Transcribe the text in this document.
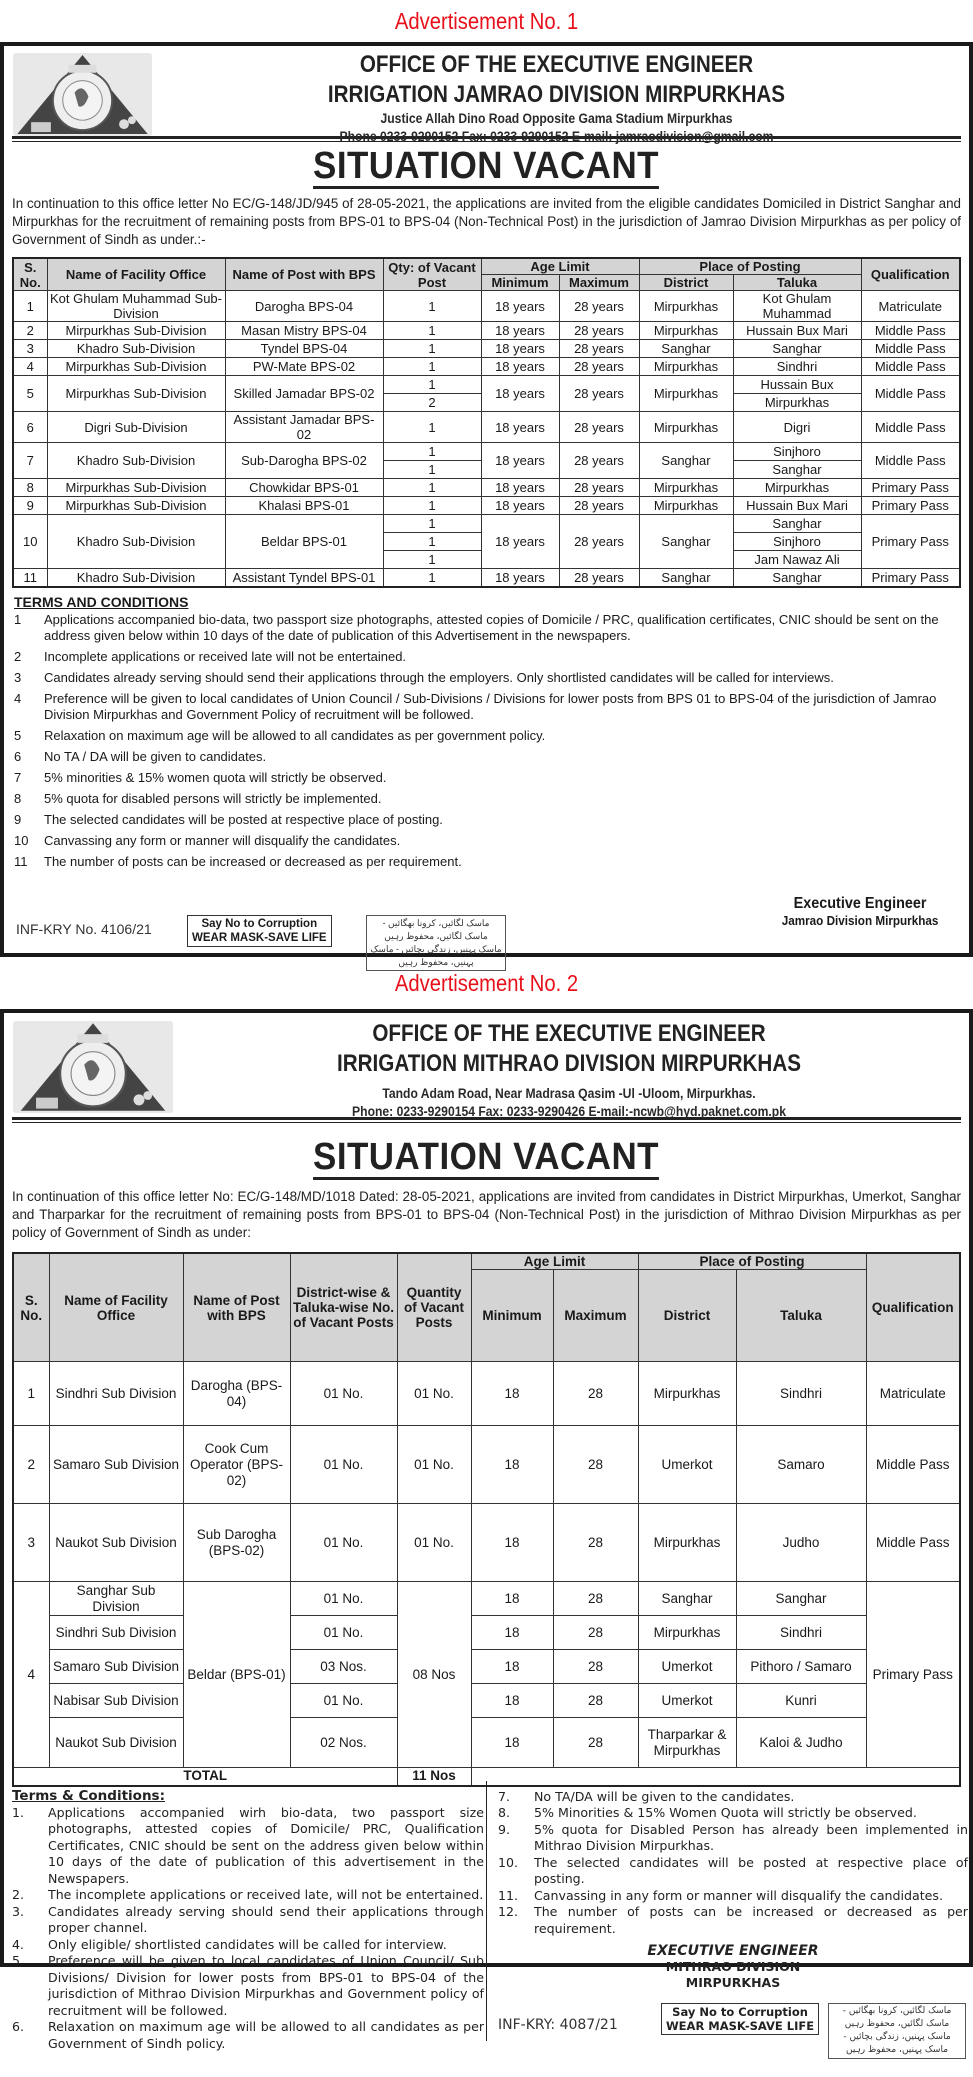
Advertisement No. 1
OFFICE OF THE EXECUTIVE ENGINEER
IRRIGATION JAMRAO DIVISION MIRPURKHAS
Justice Allah Dino Road Opposite Gama Stadium Mirpurkhas
Phone 0233-9290152 Fax: 0233-9290152 E-mail: jamraodivision@gmail.com
SITUATION VACANT

In continuation to this office letter No EC/G-148/JD/945 of 28-05-2021, the applications are invited from the eligible candidates Domiciled in District Sanghar and Mirpurkhas for the recruitment of remaining posts from BPS-01 to BPS-04 (Non-Technical Post) in the jurisdiction of Jamrao Division Mirpurkhas as per policy of Government of Sindh as under.:-

S. No.	Name of Facility Office	Name of Post with BPS	Qty: of Vacant Post	Age Limit		Place of Posting		Qualification
				Minimum	Maximum	District	Taluka	
1	Kot Ghulam Muhammad Sub-Division	Darogha BPS-04	1	18 years	28 years	Mirpurkhas	Kot Ghulam Muhammad	Matriculate
2	Mirpurkhas Sub-Division	Masan Mistry BPS-04	1	18 years	28 years	Mirpurkhas	Hussain Bux Mari	Middle Pass
3	Khadro Sub-Division	Tyndel BPS-04	1	18 years	28 years	Sanghar	Sanghar	Middle Pass
4	Mirpurkhas Sub-Division	PW-Mate BPS-02	1	18 years	28 years	Mirpurkhas	Sindhri	Middle Pass
5	Mirpurkhas Sub-Division	Skilled Jamadar BPS-02	1	18 years	28 years	Mirpurkhas	Hussain Bux	Middle Pass
			2				Mirpurkhas	
6	Digri Sub-Division	Assistant Jamadar BPS-02	1	18 years	28 years	Mirpurkhas	Digri	Middle Pass
7	Khadro Sub-Division	Sub-Darogha BPS-02	1	18 years	28 years	Sanghar	Sinjhoro	Middle Pass
			1				Sanghar	
8	Mirpurkhas Sub-Division	Chowkidar BPS-01	1	18 years	28 years	Mirpurkhas	Mirpurkhas	Primary Pass
9	Mirpurkhas Sub-Division	Khalasi BPS-01	1	18 years	28 years	Mirpurkhas	Hussain Bux Mari	Primary Pass
10	Khadro Sub-Division	Beldar BPS-01	1	18 years	28 years	Sanghar	Sanghar	Primary Pass
			1				Sinjhoro	
			1				Jam Nawaz Ali	
11	Khadro Sub-Division	Assistant Tyndel BPS-01	1	18 years	28 years	Sanghar	Sanghar	Primary Pass
TERMS AND CONDITIONS
1	Applications accompanied bio-data, two passport size photographs, attested copies of Domicile / PRC, qualification certificates, CNIC should be sent on the address given below within 10 days of the date of publication of this Advertisement in the newspapers.
2	Incomplete applications or received late will not be entertained.
3	Candidates already serving should send their applications through the employers. Only shortlisted candidates will be called for interviews.
4	Preference will be given to local candidates of Union Council / Sub-Divisions / Divisions for lower posts from BPS 01 to BPS-04 of the jurisdiction of Jamrao Division Mirpurkhas and Government Policy of recruitment will be followed.
5	Relaxation on maximum age will be allowed to all candidates as per government policy.
6	No TA / DA will be given to candidates.
7	5% minorities & 15% women quota will strictly be observed.
8	5% quota for disabled persons will strictly be implemented.
9	The selected candidates will be posted at respective place of posting.
10	Canvassing any form or manner will disqualify the candidates.
11	The number of posts can be increased or decreased as per requirement.
INF-KRY No. 4106/21	Say No to Corruption
WEAR MASK-SAVE LIFE
ماسک لگائیں، کرونا بھگائیں - ماسک لگائیں، محفوظ رہیں
ماسک پہنیں، زندگی بچائیں - ماسک پہنیں، محفوظ رہیں
Executive Engineer
Jamrao Division Mirpurkhas
Advertisement No. 2
OFFICE OF THE EXECUTIVE ENGINEER
IRRIGATION MITHRAO DIVISION MIRPURKHAS
Tando Adam Road, Near Madrasa Qasim -Ul -Uloom, Mirpurkhas.
Phone: 0233-9290154 Fax: 0233-9290426 E-mail:-ncwb@hyd.paknet.com.pk
SITUATION VACANT

In continuation of this office letter No: EC/G-148/MD/1018 Dated: 28-05-2021, applications are invited from candidates in District Mirpurkhas, Umerkot, Sanghar and Tharparkar for the recruitment of remaining posts from BPS-01 to BPS-04 (Non-Technical Post) in the jurisdiction of Mithrao Division Mirpurkhas as per policy of Government of Sindh as under:

S. No.	Name of Facility Office	Name of Post with BPS	District-wise & Taluka-wise No. of Vacant Posts	Quantity of Vacant Posts	Age Limit		Place of Posting		Qualification
					Minimum	Maximum	District	Taluka	
1	Sindhri Sub Division	Darogha (BPS-04)	01 No.	01 No.	18	28	Mirpurkhas	Sindhri	Matriculate
2	Samaro Sub Division	Cook Cum Operator (BPS-02)	01 No.	01 No.	18	28	Umerkot	Samaro	Middle Pass
3	Naukot Sub Division	Sub Darogha (BPS-02)	01 No.	01 No.	18	28	Mirpurkhas	Judho	Middle Pass
4	Sanghar Sub Division	Beldar (BPS-01)	01 No.	08 Nos	18	28	Sanghar	Sanghar	Primary Pass
	Sindhri Sub Division		01 No.		18	28	Mirpurkhas	Sindhri	
	Samaro Sub Division		03 Nos.		18	28	Umerkot	Pithoro / Samaro	
	Nabisar Sub Division		01 No.		18	28	Umerkot	Kunri	
	Naukot Sub Division		02 Nos.		18	28	Tharparkar & Mirpurkhas	Kaloi & Judho	
TOTAL				11 Nos					
Terms & Conditions:
1.	Applications accompanied wirh bio-data, two passport size photographs, attested copies of Domicile/ PRC, Qualification Certificates, CNIC should be sent on the address given below within 10 days of the date of publication of this advertisement in the Newspapers.
2.	The incomplete applications or received late, will not be entertained.
3.	Candidates already serving should send their applications through proper channel.
4.	Only eligible/ shortlisted candidates will be called for interview.
5.	Preference will be given to local candidates of Union Council/ Sub Divisions/ Division for lower posts from BPS-01 to BPS-04 of the jurisdiction of Mithrao Division Mirpurkhas and Government policy of recruitment will be followed.
6.	Relaxation on maximum age will be allowed to all candidates as per Government of Sindh policy.
7.	No TA/DA will be given to the candidates.
8.	5% Minorities & 15% Women Quota will strictly be observed.
9.	5% quota for Disabled Person has already been implemented in Mithrao Division Mirpurkhas.
10.	The selected candidates will be posted at respective place of posting.
11.	Canvassing in any form or manner will disqualify the candidates.
12.	The number of posts can be increased or decreased as per requirement.
EXECUTIVE ENGINEER
MITHRAO DIVISION
MIRPURKHAS
INF-KRY: 4087/21
Say No to Corruption
WEAR MASK-SAVE LIFE
ماسک لگائیں، کرونا بھگائیں - ماسک لگائیں، محفوظ رہیں
ماسک پہنیں، زندگی بچائیں - ماسک پہنیں، محفوظ رہیں
